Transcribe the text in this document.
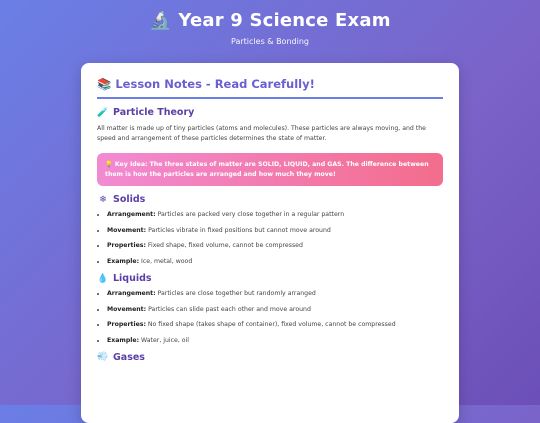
🔬 Year 9 Science Exam
Particles & Bonding
📚 Lesson Notes - Read Carefully!
🧪 Particle Theory

All matter is made up of tiny particles (atoms and molecules). These particles are always moving, and the speed and arrangement of these particles determines the state of matter.

💡 Key Idea: The three states of matter are SOLID, LIQUID, and GAS. The difference between them is how the particles are arranged and how much they move!
❄ Solids
• Arrangement: Particles are packed very close together in a regular pattern
• Movement: Particles vibrate in fixed positions but cannot move around
• Properties: Fixed shape, fixed volume, cannot be compressed
• Example: Ice, metal, wood
💧 Liquids
• Arrangement: Particles are close together but randomly arranged
• Movement: Particles can slide past each other and move around
• Properties: No fixed shape (takes shape of container), fixed volume, cannot be compressed
• Example: Water, juice, oil
💨 Gases
